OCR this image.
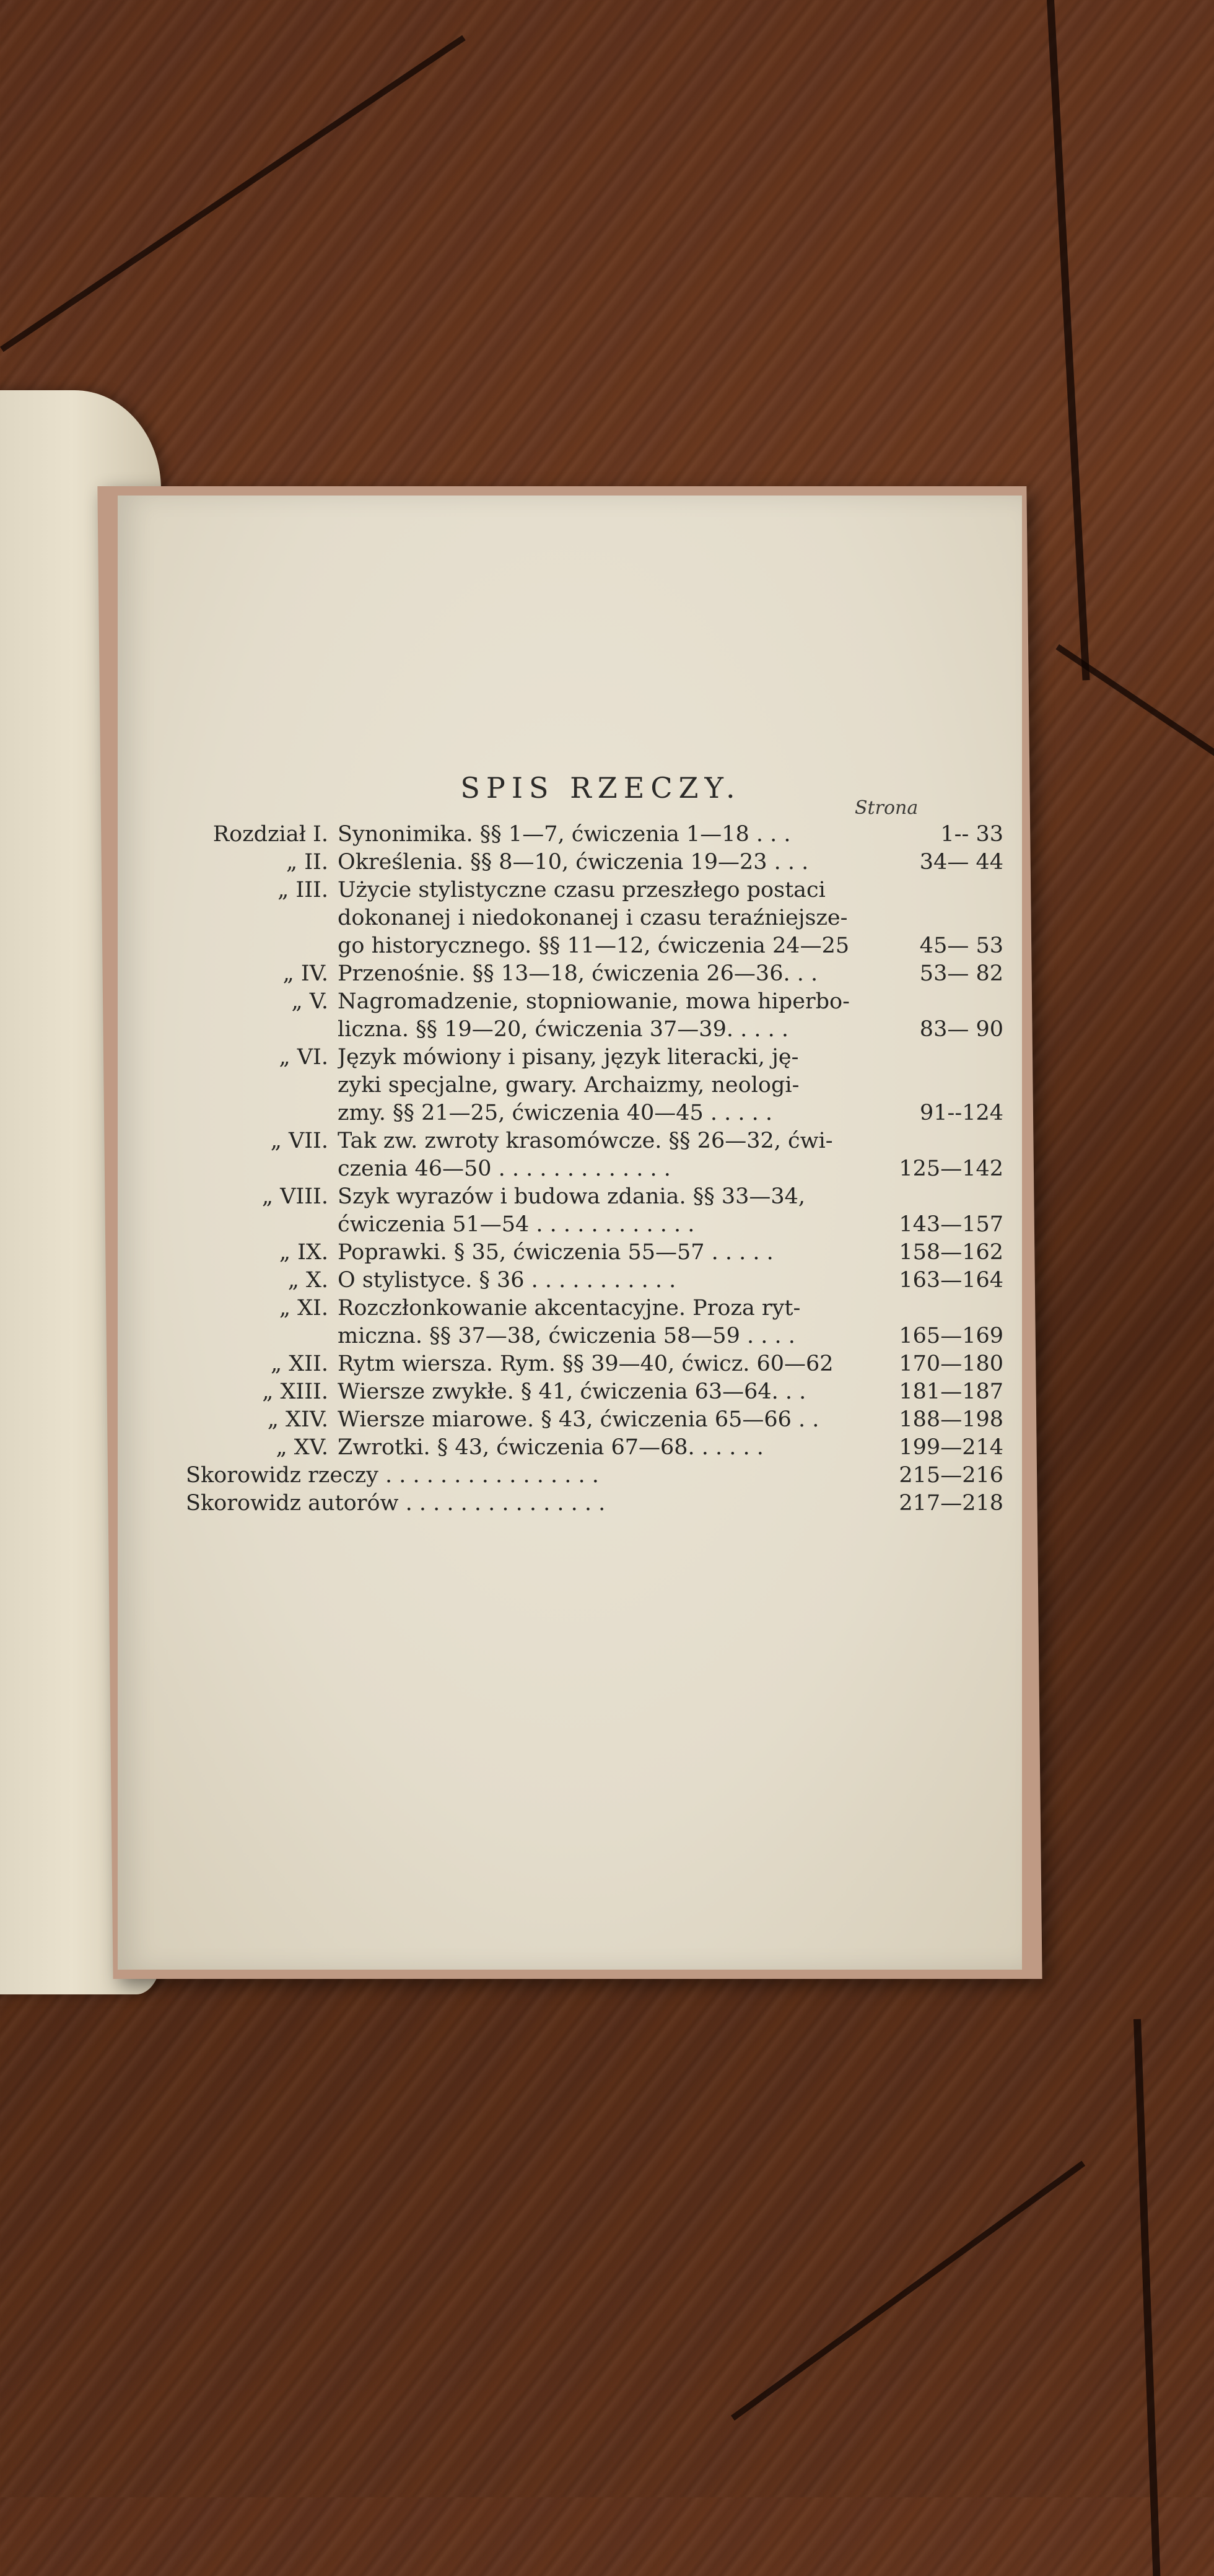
SPIS RZECZY.
Strona
Rozdział I. Synonimika. §§ 1—7, ćwiczenia 1—18 . . .	1-- 33
„ II. Określenia. §§ 8—10, ćwiczenia 19—23 . . .	34— 44
„ III. Użycie stylistyczne czasu przeszłego postaci
dokonanej i niedokonanej i czasu teraźniejsze-
go historycznego. §§ 11—12, ćwiczenia 24—25	45— 53
„ IV. Przenośnie. §§ 13—18, ćwiczenia 26—36. . .	53— 82
„ V. Nagromadzenie, stopniowanie, mowa hiperbo-
liczna. §§ 19—20, ćwiczenia 37—39. . . . .	83— 90
„ VI. Język mówiony i pisany, język literacki, ję-
zyki specjalne, gwary. Archaizmy, neologi-
zmy. §§ 21—25, ćwiczenia 40—45 . . . . .	91--124
„ VII. Tak zw. zwroty krasomówcze. §§ 26—32, ćwi-
czenia 46—50 . . . . . . . . . . . . .	125—142
„ VIII. Szyk wyrazów i budowa zdania. §§ 33—34,
ćwiczenia 51—54 . . . . . . . . . . . .	143—157
„ IX. Poprawki. § 35, ćwiczenia 55—57 . . . . .	158—162
„ X. O stylistyce. § 36 . . . . . . . . . . .	163—164
„ XI. Rozczłonkowanie akcentacyjne. Proza ryt-
miczna. §§ 37—38, ćwiczenia 58—59 . . . .	165—169
„ XII. Rytm wiersza. Rym. §§ 39—40, ćwicz. 60—62	170—180
„ XIII. Wiersze zwykłe. § 41, ćwiczenia 63—64. . .	181—187
„ XIV. Wiersze miarowe. § 43, ćwiczenia 65—66 . .	188—198
„ XV. Zwrotki. § 43, ćwiczenia 67—68. . . . . .	199—214
Skorowidz rzeczy . . . . . . . . . . . . . . . .	215—216
Skorowidz autorów . . . . . . . . . . . . . . .	217—218
